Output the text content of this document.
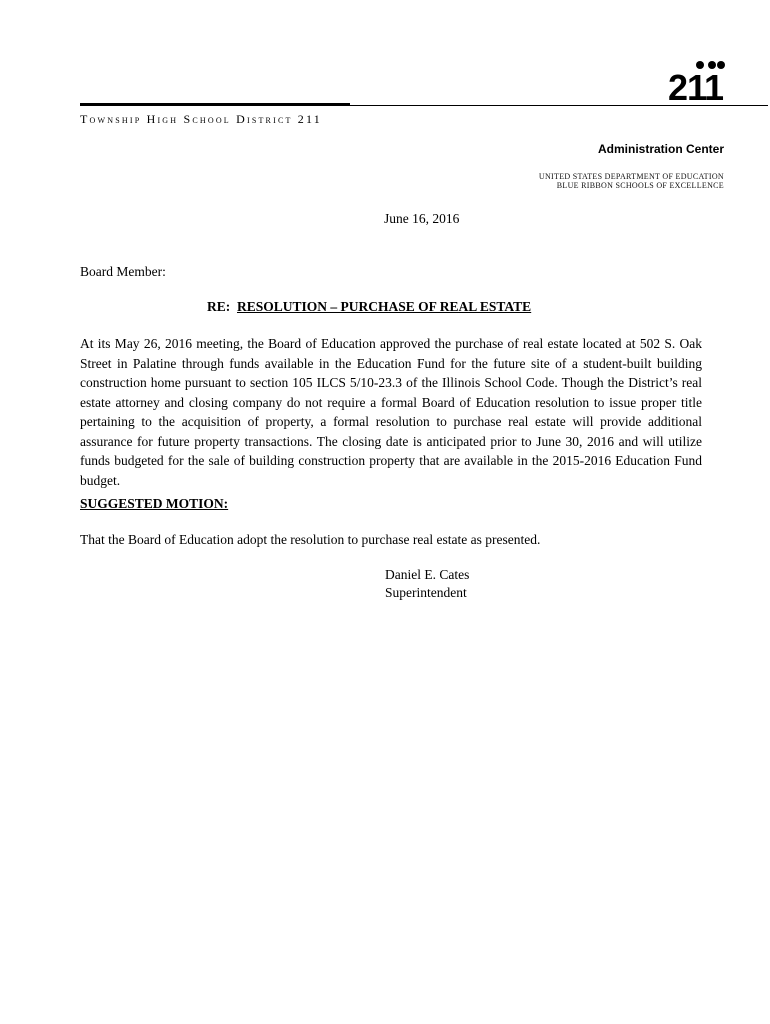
211
Township High School District 211
Administration Center
UNITED STATES DEPARTMENT OF EDUCATION
BLUE RIBBON SCHOOLS OF EXCELLENCE
June 16, 2016
Board Member:
RE: RESOLUTION – PURCHASE OF REAL ESTATE
At its May 26, 2016 meeting, the Board of Education approved the purchase of real estate located at 502 S. Oak Street in Palatine through funds available in the Education Fund for the future site of a student-built building construction home pursuant to section 105 ILCS 5/10-23.3 of the Illinois School Code. Though the District’s real estate attorney and closing company do not require a formal Board of Education resolution to issue proper title pertaining to the acquisition of property, a formal resolution to purchase real estate will provide additional assurance for future property transactions. The closing date is anticipated prior to June 30, 2016 and will utilize funds budgeted for the sale of building construction property that are available in the 2015-2016 Education Fund budget.
SUGGESTED MOTION:
That the Board of Education adopt the resolution to purchase real estate as presented.
Daniel E. Cates
Superintendent
